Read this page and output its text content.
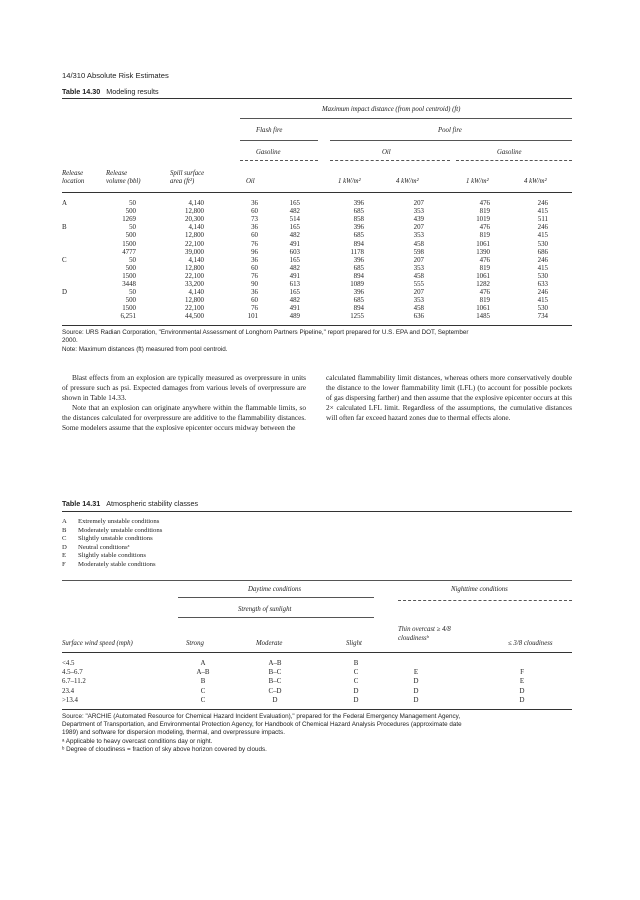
14/310 Absolute Risk Estimates
Table 14.30 Modeling results
Maximum impact distance (from pool centroid) (ft)
Flash fire	Pool fire
Gasoline	Oil	Gasoline
Release
location
Release
volume (bbl)
Spill surface
area (ft²)	Oil	1 kW/m²	4 kW/m²	1 kW/m²	4 kW/m²
A	50	4,140	36	165	396	207	476	246
500	12,800	60	482	685	353	819	415
1269	20,300	73	514	858	439	1019	511
B	50	4,140	36	165	396	207	476	246
500	12,800	60	482	685	353	819	415
1500	22,100	76	491	894	458	1061	530
4777	39,000	96	603	1178	598	1390	686
C	50	4,140	36	165	396	207	476	246
500	12,800	60	482	685	353	819	415
1500	22,100	76	491	894	458	1061	530
3448	33,200	90	613	1089	555	1282	633
D	50	4,140	36	165	396	207	476	246
500	12,800	60	482	685	353	819	415
1500	22,100	76	491	894	458	1061	530
6,251	44,500	101	489	1255	636	1485	734
Source: URS Radian Corporation, "Environmental Assessment of Longhorn Partners Pipeline," report prepared for U.S. EPA and DOT, September
2000.
Note: Maximum distances (ft) measured from pool centroid.
Blast effects from an explosion are typically measured as overpressure in units of pressure such as psi. Expected damages from various levels of overpressure are shown in Table 14.33.
Note that an explosion can originate anywhere within the flammable limits, so the distances calculated for overpressure are additive to the flammability distances. Some modelers assume that the explosive epicenter occurs midway between the
calculated flammability limit distances, whereas others more conservatively double the distance to the lower flammability limit (LFL) (to account for possible pockets of gas dispersing farther) and then assume that the explosive epicenter occurs at this 2× calculated LFL limit. Regardless of the assumptions, the cumulative distances will often far exceed hazard zones due to thermal effects alone.
Table 14.31 Atmospheric stability classes
A Extremely unstable conditions
B Moderately unstable conditions
C Slightly unstable conditions
D Neutral conditionsᵃ
E Slightly stable conditions
F Moderately stable conditions
Daytime conditions	Nighttime conditions
Strength of sunlight
Thin overcast ≥ 4/8
Surface wind speed (mph)	Strong	Moderate	Slight
cloudinessᵇ
≤ 3/8 cloudiness
<4.5	A	A–B	B
4.5–6.7	A–B	B–C	C	E	F
6.7–11.2	B	B–C	C	D	E
23.4	C	C–D	D	D	D
>13.4	C	D	D	D	D
Source: "ARCHIE (Automated Resource for Chemical Hazard Incident Evaluation)," prepared for the Federal Emergency Management Agency,
Department of Transportation, and Environmental Protection Agency, for Handbook of Chemical Hazard Analysis Procedures (approximate date
1989) and software for dispersion modeling, thermal, and overpressure impacts.
ᵃ Applicable to heavy overcast conditions day or night.
ᵇ Degree of cloudiness = fraction of sky above horizon covered by clouds.
